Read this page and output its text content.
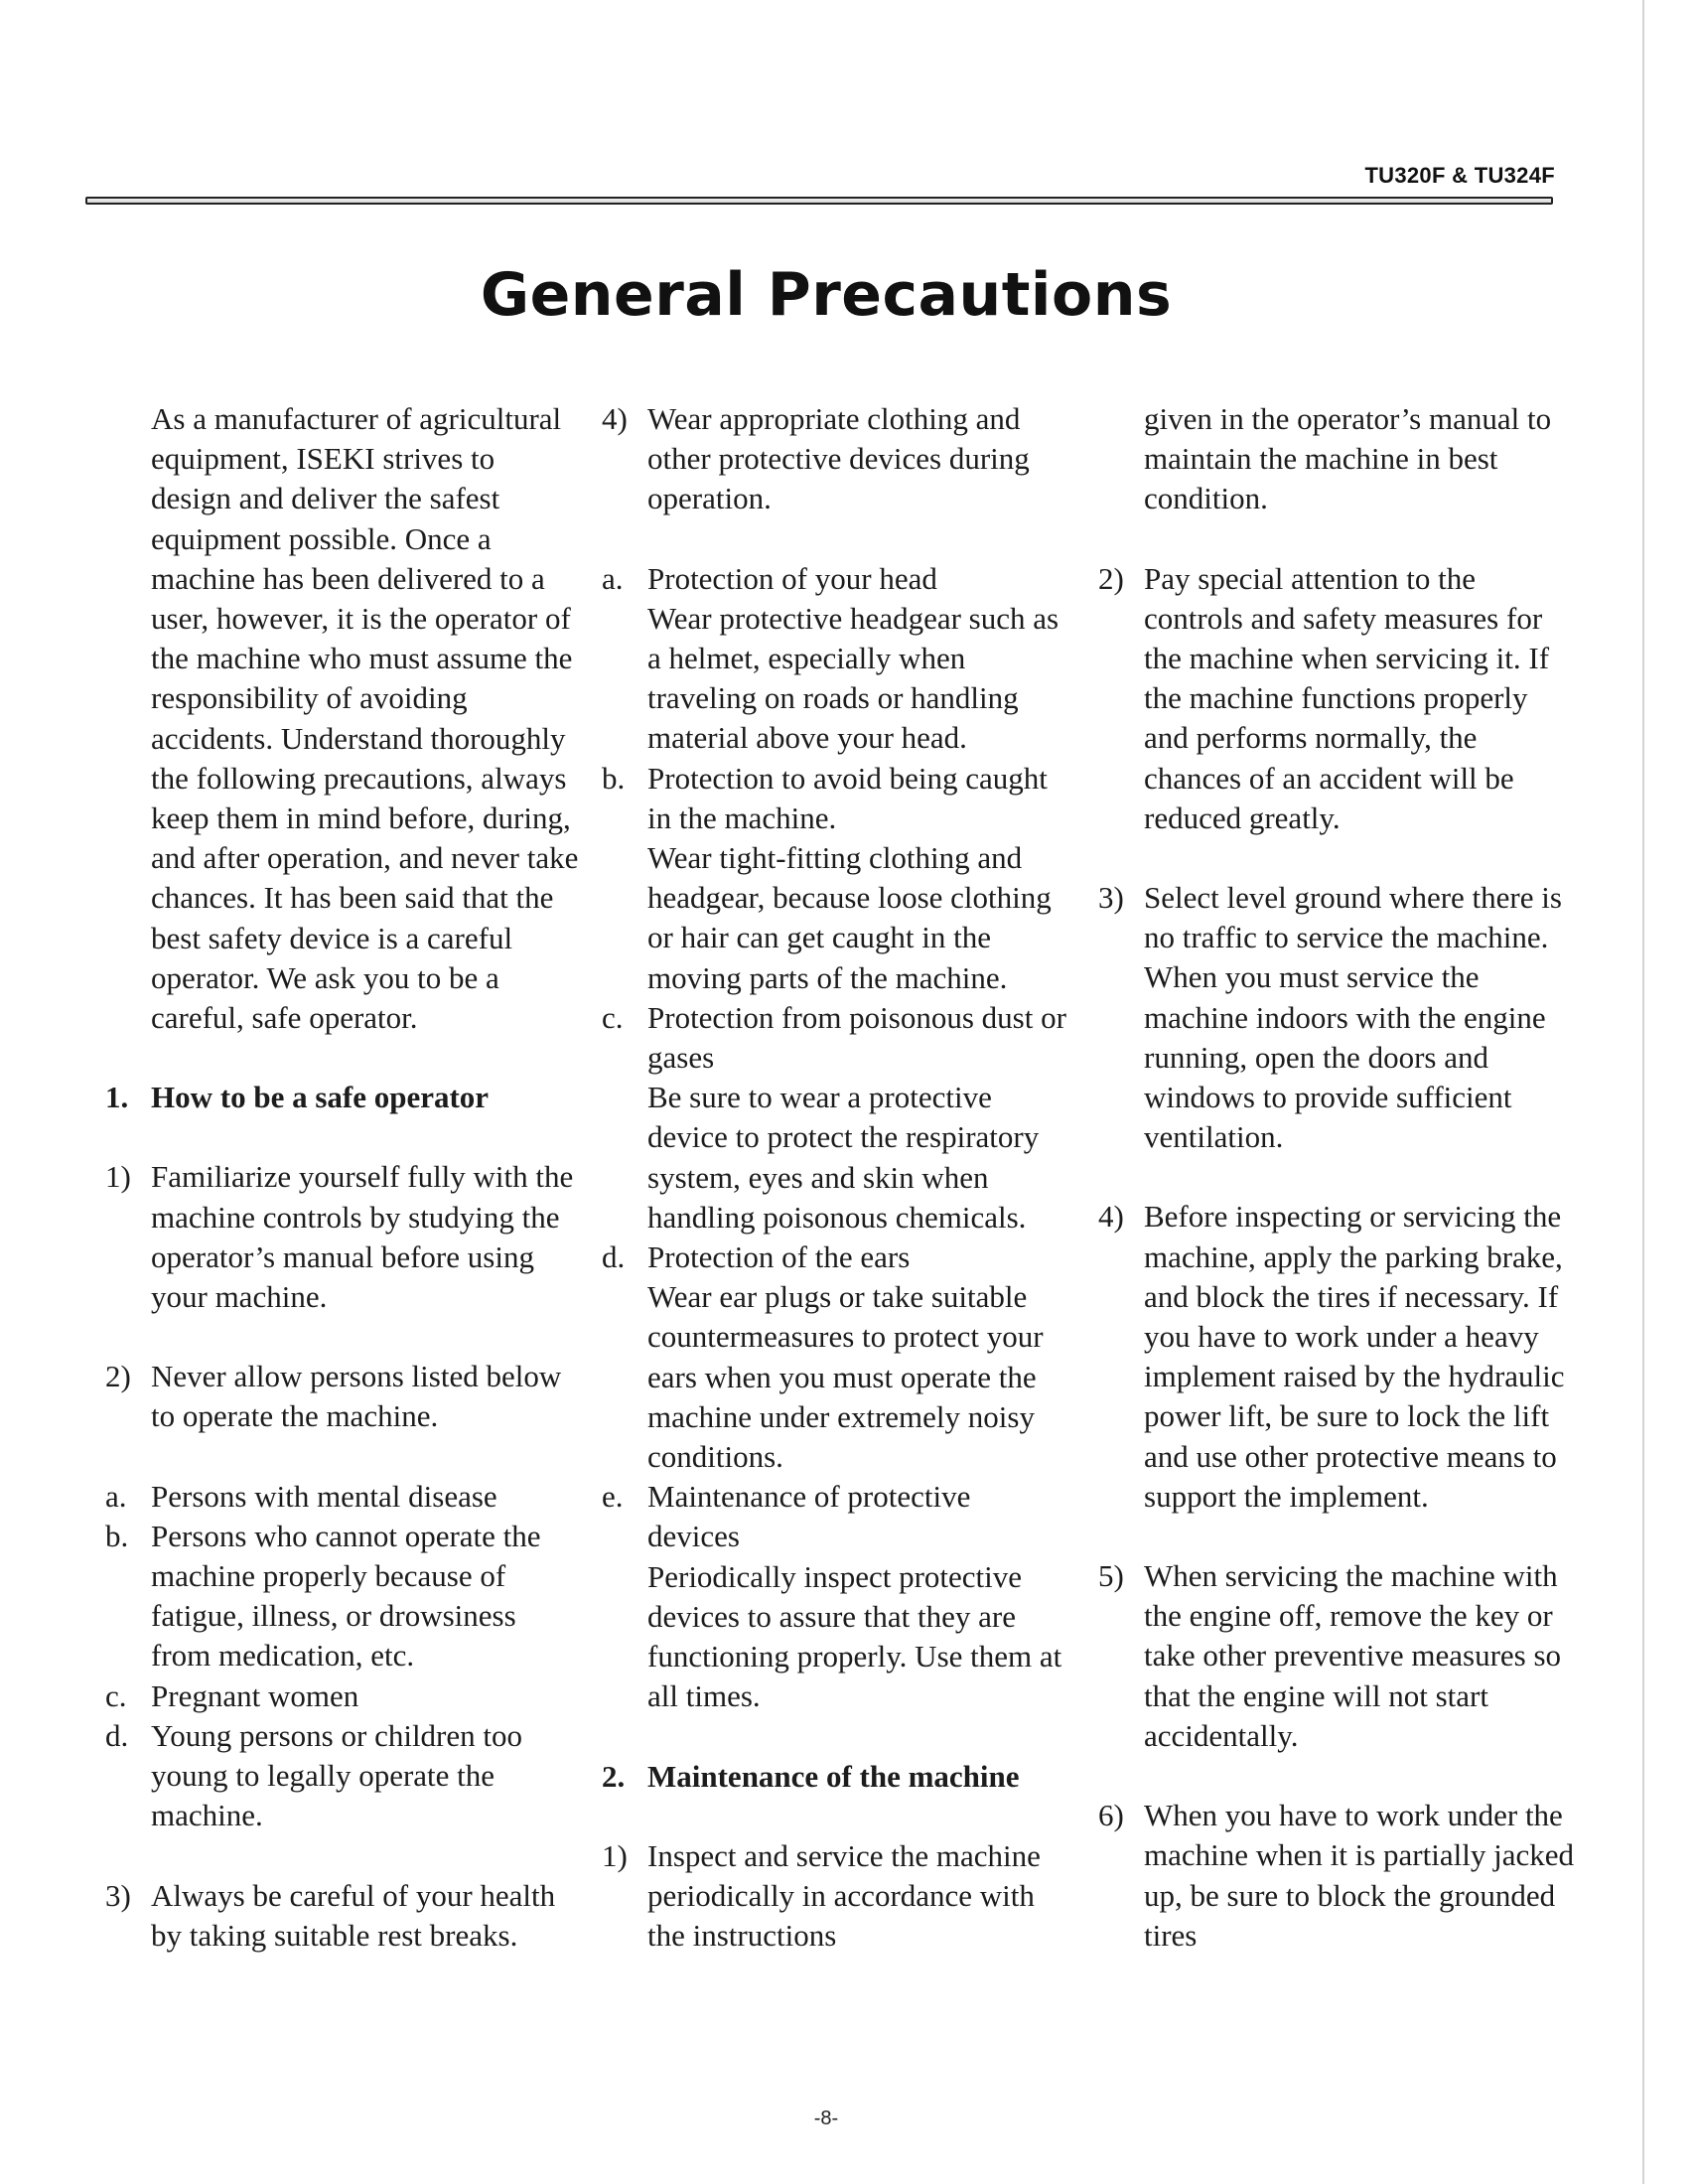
TU320F & TU324F
General Precautions

As a manufacturer of agricultural equipment, ISEKI strives to design and deliver the safest equipment possible. Once a machine has been delivered to a user, however, it is the operator of the machine who must assume the responsibility of avoiding accidents. Understand thoroughly the following precautions, always keep them in mind before, during, and after operation, and never take chances. It has been said that the best safety device is a careful operator. We ask you to be a careful, safe operator.

1. How to be a safe operator

1) Familiarize yourself fully with the machine controls by studying the operator’s manual before using your machine.

2) Never allow persons listed below to operate the machine.

a. Persons with mental disease

b. Persons who cannot operate the machine properly because of fatigue, illness, or drowsiness from medication, etc.

c. Pregnant women

d. Young persons or children too young to legally operate the machine.

3) Always be careful of your health by taking suitable rest breaks.

4) Wear appropriate clothing and other protective devices during operation.

a. Protection of your head
Wear protective headgear such as a helmet, especially when traveling on roads or handling material above your head.

b. Protection to avoid being caught in the machine.
Wear tight-fitting clothing and headgear, because loose clothing or hair can get caught in the moving parts of the machine.

c. Protection from poisonous dust or gases
Be sure to wear a protective device to protect the respiratory system, eyes and skin when handling poisonous chemicals.

d. Protection of the ears
Wear ear plugs or take suitable countermeasures to protect your ears when you must operate the machine under extremely noisy conditions.

e. Maintenance of protective devices
Periodically inspect protective devices to assure that they are functioning properly. Use them at all times.

2. Maintenance of the machine

1) Inspect and service the machine periodically in accordance with the instructions

given in the operator’s manual to maintain the machine in best condition.

2) Pay special attention to the controls and safety measures for the machine when servicing it. If the machine functions properly and performs normally, the chances of an accident will be reduced greatly.

3) Select level ground where there is no traffic to service the machine. When you must service the machine indoors with the engine running, open the doors and windows to provide sufficient ventilation.

4) Before inspecting or servicing the machine, apply the parking brake, and block the tires if necessary. If you have to work under a heavy implement raised by the hydraulic power lift, be sure to lock the lift and use other protective means to support the implement.

5) When servicing the machine with the engine off, remove the key or take other preventive measures so that the engine will not start accidentally.

6) When you have to work under the machine when it is partially jacked up, be sure to block the grounded tires

-8-
